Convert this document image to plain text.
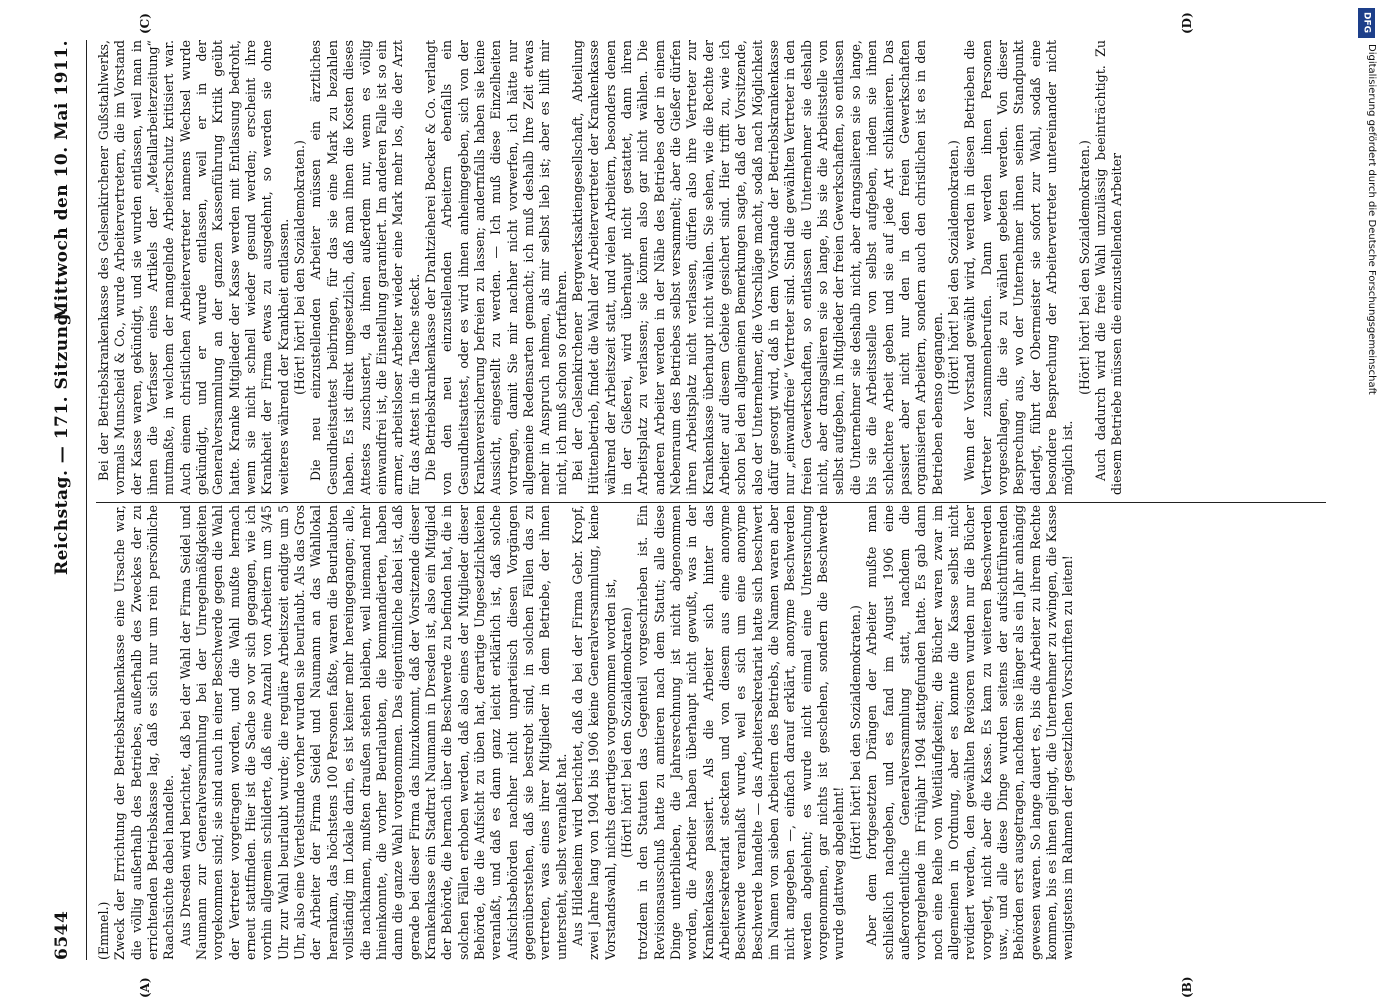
6544
Reichstag. — 171. Sitzung.
Mittwoch den 10. Mai 1911.
(A)	(B)
(C)	(D)

(Emmel.) Zweck der Errichtung der Betriebskrankenkasse eine Ursache war, die völlig außerhalb des Betriebes, außerhalb des Zweckes der zu errichtenden Betriebskasse lag, daß es sich nur um rein persönliche Raachsüchte dabei handelte. Aus Dresden wird berichtet, daß bei der Wahl der Firma Seidel und Naumann zur Generalversammlung bei der Unregelmäßigkeiten vorgekommen sind; sie sind auch in einer Beschwerde gegen die Wahl der Vertreter vorgetragen worden, und die Wahl mußte hernach erneut stattfinden. Hier ist die Sache so vor sich gegangen, wie ich vorhin allgemein schilderte, daß eine Anzahl von Arbeitern um 3/45 Uhr zur Wahl beurlaubt wurde; die reguläre Arbeitszeit endigte um 5 Uhr, also eine Viertelstunde vorher wurden sie beurlaubt. Als das Gros der Arbeiter der Firma Seidel und Naumann an das Wahllokal herankam, das höchstens 100 Personen faßte, waren die Beurlaubten vollständig im Lokale darin, es ist keiner mehr hereingegangen; alle, die nachkamen, mußten draußen stehen bleiben, weil niemand mehr hineinkonnte, die vorher Beurlaubten, die kommandierten, haben dann die ganze Wahl vorgenommen. Das eigentümliche dabei ist, daß gerade bei dieser Firma das hinzukommt, daß der Vorsitzende dieser Krankenkasse ein Stadtrat Naumann in Dresden ist, also ein Mitglied der Behörde, die hernach über die Beschwerde zu befinden hat, die in solchen Fällen erhoben werden, daß also eines der Mitglieder dieser Behörde, die die Aufsicht zu üben hat, derartige Ungesetzlichkeiten veranlaßt, und daß es dann ganz leicht erklärlich ist, daß solche Aufsichtsbehörden nachher nicht unparteiisch diesen Vorgängen gegenüberstehen, daß sie bestrebt sind, in solchen Fällen das zu vertreten, was eines ihrer Mitglieder in dem Betriebe, der ihnen untersteht, selbst veranlaßt hat. Aus Hildesheim wird berichtet, daß da bei der Firma Gebr. Kropf, zwei Jahre lang von 1904 bis 1906 keine Generalversammlung, keine Vorstandswahl, nichts derartiges vorgenommen worden ist, (Hört! hört! bei den Sozialdemokraten) trotzdem in den Statuten das Gegenteil vorgeschrieben ist. Ein Revisionsausschuß hatte zu amtieren nach dem Statut; alle diese Dinge unterblieben, die Jahresrechnung ist nicht abgenommen worden, die Arbeiter haben überhaupt nicht gewußt, was in der Krankenkasse passiert. Als die Arbeiter sich hinter das Arbeitersekretariat steckten und von diesem aus eine anonyme Beschwerde veranlaßt wurde, weil es sich um eine anonyme Beschwerde handelte — das Arbeitersekretariat hatte sich beschwert im Namen von sieben Arbeitern des Betriebs, die Namen waren aber nicht angegeben —, einfach darauf erklärt, anonyme Beschwerden werden abgelehnt; es wurde nicht einmal eine Untersuchung vorgenommen, gar nichts ist geschehen, sondern die Beschwerde wurde glattweg abgelehnt!

(Hört! hört! bei den Sozialdemokraten.) Aber dem fortgesetzten Drängen der Arbeiter mußte man schließlich nachgeben, und es fand im August 1906 eine außerordentliche Generalversammlung statt, nachdem die vorhergehende im Frühjahr 1904 stattgefunden hatte. Es gab dann noch eine Reihe von Weitläufigkeiten; die Bücher waren zwar im allgemeinen in Ordnung, aber es konnte die Kasse selbst nicht revidiert werden, den gewählten Revisoren wurden nur die Bücher vorgelegt, nicht aber die Kasse. Es kam zu weiteren Beschwerden usw., und alle diese Dinge wurden seitens der aufsichtführenden Behörden erst ausgetragen, nachdem sie länger als ein Jahr anhängig gewesen waren. So lange dauert es, bis die Arbeiter zu ihrem Rechte kommen, bis es ihnen gelingt, die Unternehmer zu zwingen, die Kasse wenigstens im Rahmen der gesetzlichen Vorschriften zu leiten!

Bei der Betriebskrankenkasse des Gelsenkirchener Gußstahlwerks, vormals Munscheid & Co., wurde Arbeitervertretern, die im Vorstand der Kasse waren, gekündigt, und sie wurden entlassen, weil man in ihnen die Verfasser eines Artikels der „Metallarbeiterzeitung“ mutmaßte, in welchem der mangelnde Arbeiterschutz kritisiert war. Auch einem christlichen Arbeitervertreter namens Wechsel wurde gekündigt, und er wurde entlassen, weil er in der Generalversammlung an der ganzen Kassenführung Kritik geübt hatte. Kranke Mitglieder der Kasse werden mit Entlassung bedroht, wenn sie nicht schnell wieder gesund werden; erscheint ihre Krankheit der Firma etwas zu ausgedehnt, so werden sie ohne weiteres während der Krankheit entlassen. (Hört! hört! bei den Sozialdemokraten.) Die neu einzustellenden Arbeiter müssen ein ärztliches Gesundheitsattest beibringen, für das sie eine Mark zu bezahlen haben. Es ist direkt ungesetzlich, daß man ihnen die Kosten dieses Attestes zuschustert, da ihnen außerdem nur, wenn es völlig einwandfrei ist, die Einstellung garantiert. Im anderen Falle ist so ein armer, arbeitsloser Arbeiter wieder eine Mark mehr los, die der Arzt für das Attest in die Tasche steckt. Die Betriebskrankenkasse der Drahtzieherei Boecker & Co. verlangt von den neu einzustellenden Arbeitern ebenfalls ein Gesundheitsattest, oder es wird ihnen anheimgegeben, sich von der Krankenversicherung befreien zu lassen; andernfalls haben sie keine Aussicht, eingestellt zu werden. — Ich muß diese Einzelheiten vortragen, damit Sie mir nachher nicht vorwerfen, ich hätte nur allgemeine Redensarten gemacht; ich muß deshalb Ihre Zeit etwas mehr in Anspruch nehmen, als mir selbst lieb ist; aber es hilft mir nicht, ich muß schon so fortfahren. Bei der Gelsenkirchener Bergwerksaktiengesellschaft, Abteilung Hüttenbetrieb, findet die Wahl der Arbeitervertreter der Krankenkasse während der Arbeitszeit statt, und vielen Arbeitern, besonders denen in der Gießerei, wird überhaupt nicht gestattet, dann ihren Arbeitsplatz zu verlassen; sie können also gar nicht wählen. Die anderen Arbeiter werden in der Nähe des Betriebes oder in einem Nebenraum des Betriebes selbst versammelt; aber die Gießer dürfen ihren Arbeitsplatz nicht verlassen, dürfen also ihre Vertreter zur Krankenkasse überhaupt nicht wählen. Sie sehen, wie die Rechte der Arbeiter auf diesem Gebiete gesichert sind. Hier trifft zu, wie ich schon bei den allgemeinen Bemerkungen sagte, daß der Vorsitzende, also der Unternehmer, die Vorschläge macht, sodaß nach Möglichkeit dafür gesorgt wird, daß in dem Vorstande der Betriebskrankenkasse nur „einwandfreie“ Vertreter sind. Sind die gewählten Vertreter in den freien Gewerkschaften, so entlassen die Unternehmer sie deshalb nicht, aber drangsalieren sie so lange, bis sie die Arbeitsstelle von selbst aufgeben, in Mitglieder der freien Gewerkschaften, so entlassen die Unternehmer sie deshalb nicht, aber drangsalieren sie so lange, bis sie die Arbeitsstelle von selbst aufgeben, indem sie ihnen schlechtere Arbeit geben und sie auf jede Art schikanieren. Das passiert aber nicht nur den in den freien Gewerkschaften organisierten Arbeitern, sondern auch den christlichen ist es in den Betrieben ebenso gegangen.

(Hört! hört! bei den Sozialdemokraten.) Wenn der Vorstand gewählt wird, werden in diesen Betrieben die Vertreter zusammenberufen. Dann werden ihnen Personen vorgeschlagen, die sie zu wählen gebeten werden. Von dieser Besprechung aus, wo der Unternehmer ihnen seinen Standpunkt darlegt, führt der Obermeister sie sofort zur Wahl, sodaß eine besondere Besprechung der Arbeitervertreter untereinander nicht möglich ist.

(Hört! hört! bei den Sozialdemokraten.) Auch dadurch wird die freie Wahl unzulässig beeinträchtigt. Zu diesem Betriebe müssen die einzustellenden Arbeiter

DFG
Digitalisierung gefördert durch die Deutsche Forschungsgemeinschaft
